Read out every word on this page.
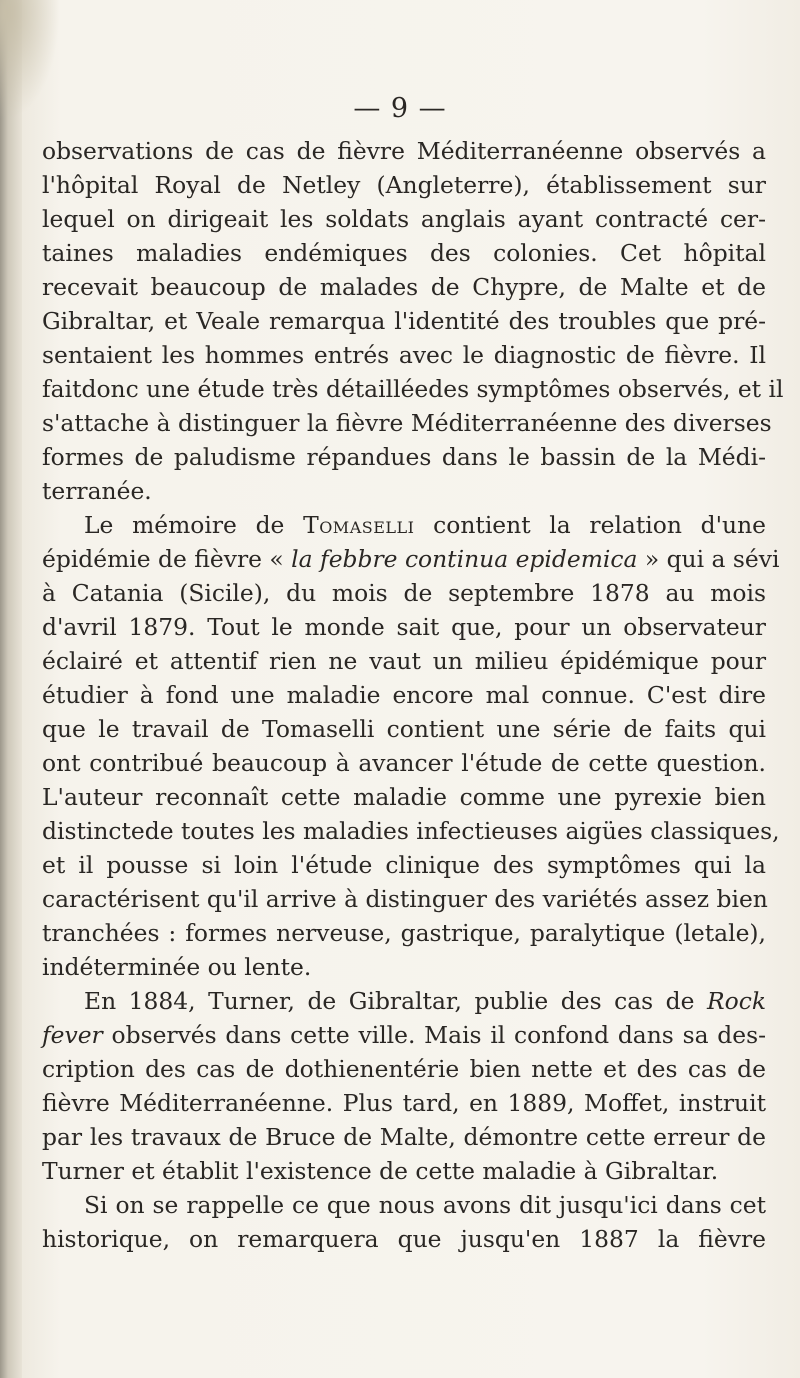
— 9 —
observations de cas de fièvre Méditerranéenne observés a
l'hôpital Royal de Netley (Angleterre), établissement sur
lequel on dirigeait les soldats anglais ayant contracté cer-
taines maladies endémiques des colonies. Cet hôpital
recevait beaucoup de malades de Chypre, de Malte et de
Gibraltar, et Veale remarqua l'identité des troubles que pré-
sentaient les hommes entrés avec le diagnostic de fièvre. Il
faitdonc une étude très détailléedes symptômes observés, et il
s'attache à distinguer la fièvre Méditerranéenne des diverses
formes de paludisme répandues dans le bassin de la Médi-
terranée.
Le mémoire de Tomaselli contient la relation d'une
épidémie de fièvre « la febbre continua epidemica » qui a sévi
à Catania (Sicile), du mois de septembre 1878 au mois
d'avril 1879. Tout le monde sait que, pour un observateur
éclairé et attentif rien ne vaut un milieu épidémique pour
étudier à fond une maladie encore mal connue. C'est dire
que le travail de Tomaselli contient une série de faits qui
ont contribué beaucoup à avancer l'étude de cette question.
L'auteur reconnaît cette maladie comme une pyrexie bien
distinctede toutes les maladies infectieuses aigües classiques,
et il pousse si loin l'étude clinique des symptômes qui la
caractérisent qu'il arrive à distinguer des variétés assez bien
tranchées : formes nerveuse, gastrique, paralytique (letale),
indéterminée ou lente.
En 1884, Turner, de Gibraltar, publie des cas de Rock
fever observés dans cette ville. Mais il confond dans sa des-
cription des cas de dothienentérie bien nette et des cas de
fièvre Méditerranéenne. Plus tard, en 1889, Moffet, instruit
par les travaux de Bruce de Malte, démontre cette erreur de
Turner et établit l'existence de cette maladie à Gibraltar.
Si on se rappelle ce que nous avons dit jusqu'ici dans cet
historique, on remarquera que jusqu'en 1887 la fièvre
